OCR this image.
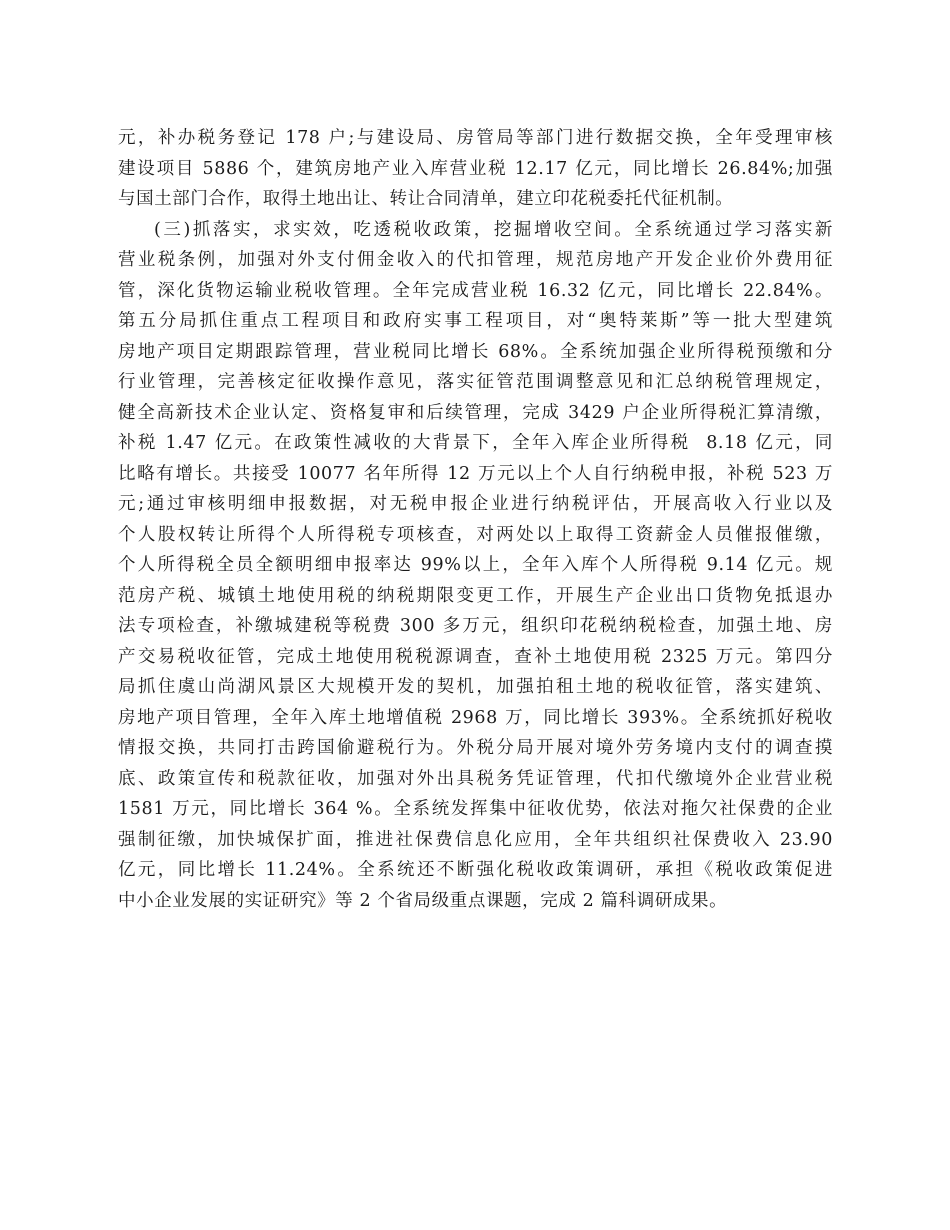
元，补办税务登记 178 户;与建设局、房管局等部门进行数据交换，全年受理审核
建设项目 5886 个，建筑房地产业入库营业税 12.17 亿元，同比增长 26.84%;加强
与国土部门合作，取得土地出让、转让合同清单，建立印花税委托代征机制。
(三)抓落实，求实效，吃透税收政策，挖掘增收空间。全系统通过学习落实新
营业税条例，加强对外支付佣金收入的代扣管理，规范房地产开发企业价外费用征
管，深化货物运输业税收管理。全年完成营业税 16.32 亿元，同比增长 22.84%。
第五分局抓住重点工程项目和政府实事工程项目，对“奥特莱斯”等一批大型建筑
房地产项目定期跟踪管理，营业税同比增长 68%。全系统加强企业所得税预缴和分
行业管理，完善核定征收操作意见，落实征管范围调整意见和汇总纳税管理规定，
健全高新技术企业认定、资格复审和后续管理，完成 3429 户企业所得税汇算清缴，
补税 1.47 亿元。在政策性减收的大背景下，全年入库企业所得税  8.18 亿元，同
比略有增长。共接受 10077 名年所得 12 万元以上个人自行纳税申报，补税 523 万
元;通过审核明细申报数据，对无税申报企业进行纳税评估，开展高收入行业以及
个人股权转让所得个人所得税专项核查，对两处以上取得工资薪金人员催报催缴，
个人所得税全员全额明细申报率达 99%以上，全年入库个人所得税 9.14 亿元。规
范房产税、城镇土地使用税的纳税期限变更工作，开展生产企业出口货物免抵退办
法专项检查，补缴城建税等税费 300 多万元，组织印花税纳税检查，加强土地、房
产交易税收征管，完成土地使用税税源调查，查补土地使用税 2325 万元。第四分
局抓住虞山尚湖风景区大规模开发的契机，加强拍租土地的税收征管，落实建筑、
房地产项目管理，全年入库土地增值税 2968 万，同比增长 393%。全系统抓好税收
情报交换，共同打击跨国偷避税行为。外税分局开展对境外劳务境内支付的调查摸
底、政策宣传和税款征收，加强对外出具税务凭证管理，代扣代缴境外企业营业税
1581 万元，同比增长 364 %。全系统发挥集中征收优势，依法对拖欠社保费的企业
强制征缴，加快城保扩面，推进社保费信息化应用，全年共组织社保费收入 23.90
亿元，同比增长 11.24%。全系统还不断强化税收政策调研，承担《税收政策促进
中小企业发展的实证研究》等 2 个省局级重点课题，完成 2 篇科调研成果。
